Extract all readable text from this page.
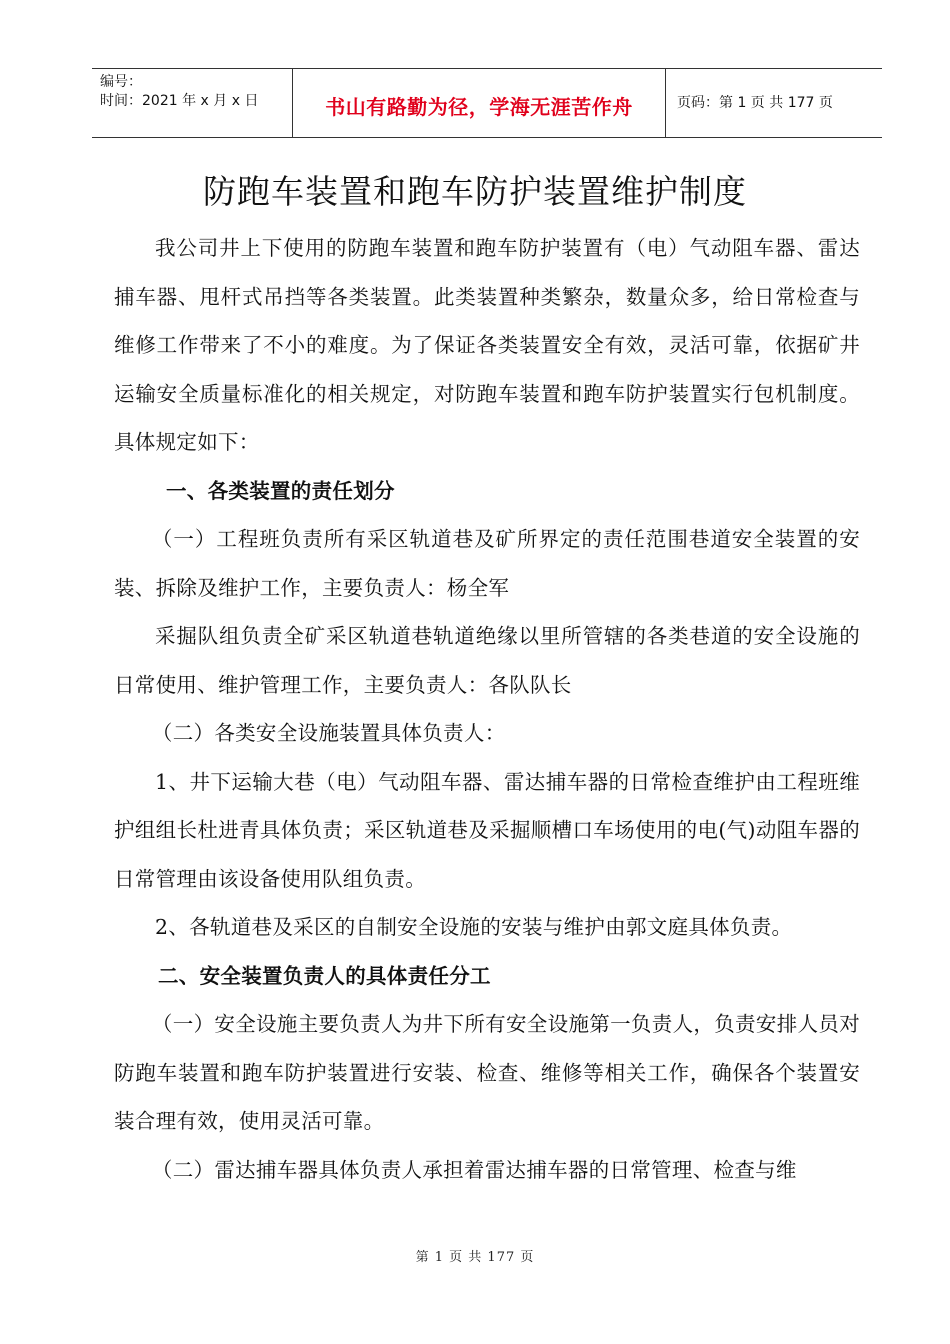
编号：
时间：2021 年 x 月 x 日	书山有路勤为径，学海无涯苦作舟	页码：第 1 页 共 177 页
防跑车装置和跑车防护装置维护制度

我公司井上下使用的防跑车装置和跑车防护装置有（电）气动阻车器、雷达捕车器、甩杆式吊挡等各类装置。此类装置种类繁杂，数量众多，给日常检查与维修工作带来了不小的难度。为了保证各类装置安全有效，灵活可靠，依据矿井运输安全质量标准化的相关规定，对防跑车装置和跑车防护装置实行包机制度。具体规定如下：

一、各类装置的责任划分

（一）工程班负责所有采区轨道巷及矿所界定的责任范围巷道安全装置的安装、拆除及维护工作，主要负责人：杨全军

采掘队组负责全矿采区轨道巷轨道绝缘以里所管辖的各类巷道的安全设施的日常使用、维护管理工作，主要负责人：各队队长

（二）各类安全设施装置具体负责人：

1、井下运输大巷（电）气动阻车器、雷达捕车器的日常检查维护由工程班维护组组长杜进青具体负责；采区轨道巷及采掘顺槽口车场使用的电(气)动阻车器的日常管理由该设备使用队组负责。

2、各轨道巷及采区的自制安全设施的安装与维护由郭文庭具体负责。

二、安全装置负责人的具体责任分工

（一）安全设施主要负责人为井下所有安全设施第一负责人，负责安排人员对防跑车装置和跑车防护装置进行安装、检查、维修等相关工作，确保各个装置安装合理有效，使用灵活可靠。

（二）雷达捕车器具体负责人承担着雷达捕车器的日常管理、检查与维

第 1 页 共 177 页
